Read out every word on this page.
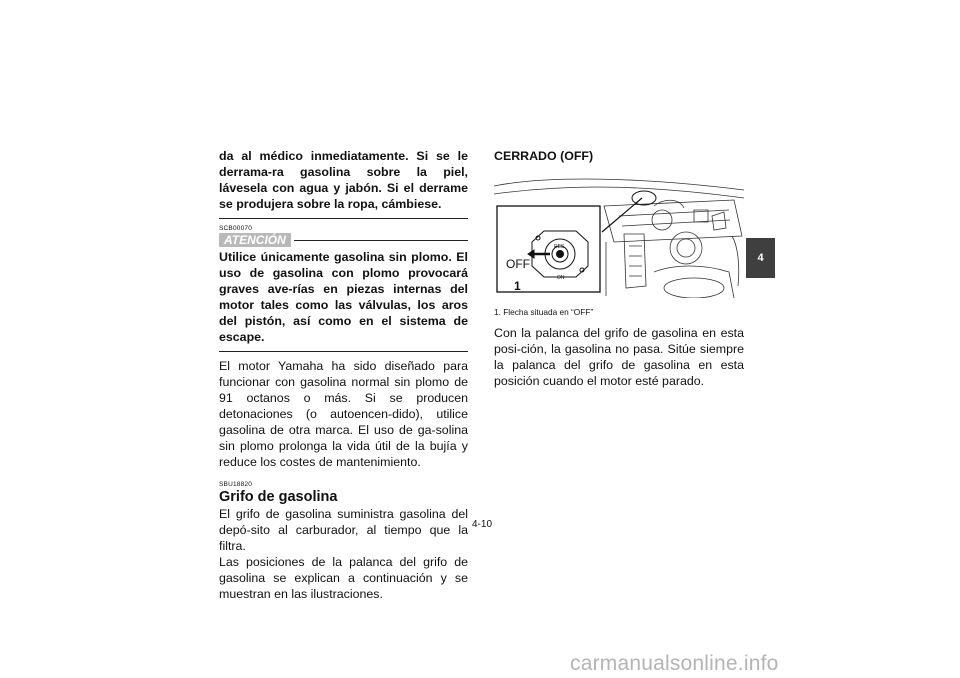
da al médico inmediatamente. Si se le derrama-ra gasolina sobre la piel, lávesela con agua y jabón. Si el derrame se produjera sobre la ropa, cámbiese.
SCB00070
ATENCIÓN
Utilice únicamente gasolina sin plomo. El uso de gasolina con plomo provocará graves ave-rías en piezas internas del motor tales como las válvulas, los aros del pistón, así como en el sistema de escape.
El motor Yamaha ha sido diseñado para funcionar con gasolina normal sin plomo de 91 octanos o más. Si se producen detonaciones (o autoencen-dido), utilice gasolina de otra marca. El uso de ga-solina sin plomo prolonga la vida útil de la bujía y reduce los costes de mantenimiento.
SBU18820
Grifo de gasolina
El grifo de gasolina suministra gasolina del depó-sito al carburador, al tiempo que la filtra.
Las posiciones de la palanca del grifo de gasolina se explican a continuación y se muestran en las ilustraciones.
CERRADO (OFF)
OFF
1
RES
ON
1. Flecha situada en “OFF”
Con la palanca del grifo de gasolina en esta posi-ción, la gasolina no pasa. Sitúe siempre la palanca del grifo de gasolina en esta posición cuando el motor esté parado.
4
4-10
carmanualsonline.info
